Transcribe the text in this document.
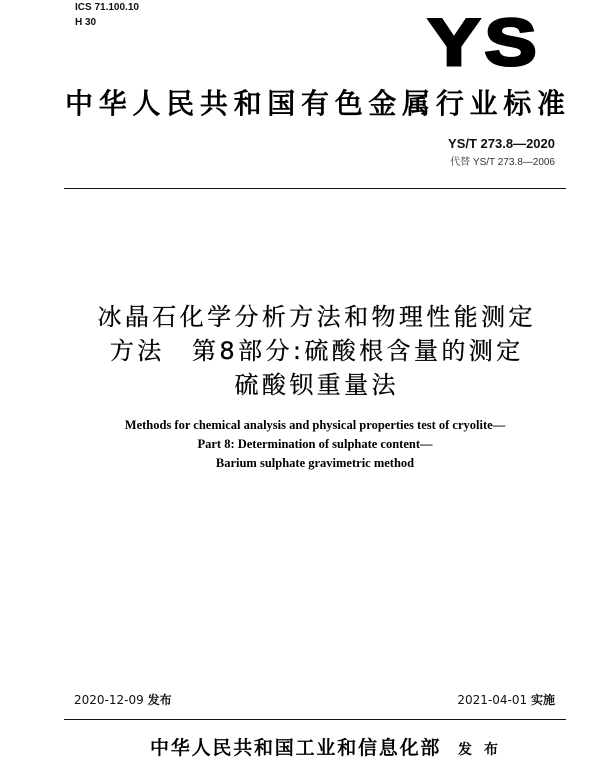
ICS 71.100.10
H 30	YS
中华人民共和国有色金属行业标准
YS/T 273.8—2020
代替 YS/T 273.8—2006
冰晶石化学分析方法和物理性能测定
方法　第8部分:硫酸根含量的测定
硫酸钡重量法
Methods for chemical analysis and physical properties test of cryolite—
Part 8: Determination of sulphate content—
Barium sulphate gravimetric method
2020-12-09 发布	2021-04-01 实施
中华人民共和国工业和信息化部 发布
